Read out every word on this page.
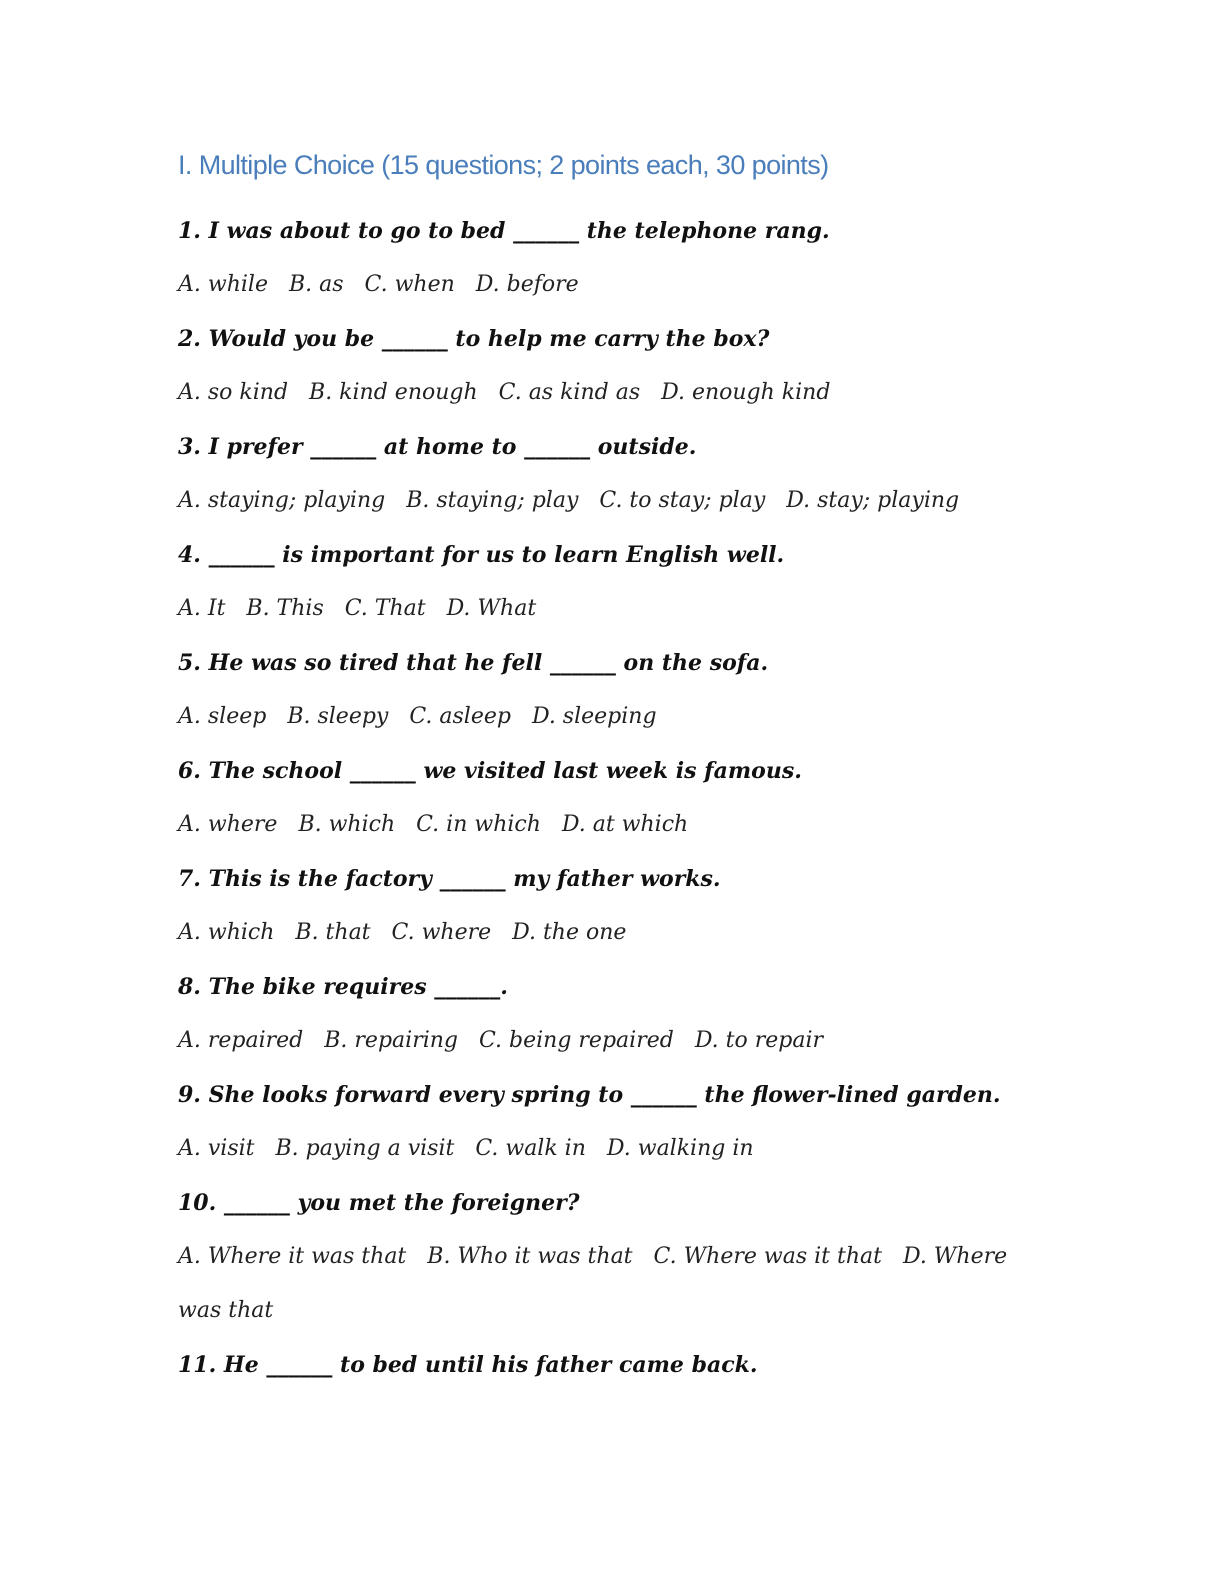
I. Multiple Choice (15 questions; 2 points each, 30 points)
1. I was about to go to bed ______ the telephone rang.
A. while B. as C. when D. before
2. Would you be ______ to help me carry the box?
A. so kind B. kind enough C. as kind as D. enough kind
3. I prefer ______ at home to ______ outside.
A. staying; playing B. staying; play C. to stay; play D. stay; playing
4. ______ is important for us to learn English well.
A. It B. This C. That D. What
5. He was so tired that he fell ______ on the sofa.
A. sleep B. sleepy C. asleep D. sleeping
6. The school ______ we visited last week is famous.
A. where B. which C. in which D. at which
7. This is the factory ______ my father works.
A. which B. that C. where D. the one
8. The bike requires ______.
A. repaired B. repairing C. being repaired D. to repair
9. She looks forward every spring to ______ the flower-lined garden.
A. visit B. paying a visit C. walk in D. walking in
10. ______ you met the foreigner?
A. Where it was that B. Who it was that C. Where was it that D. Where was that
11. He ______ to bed until his father came back.
